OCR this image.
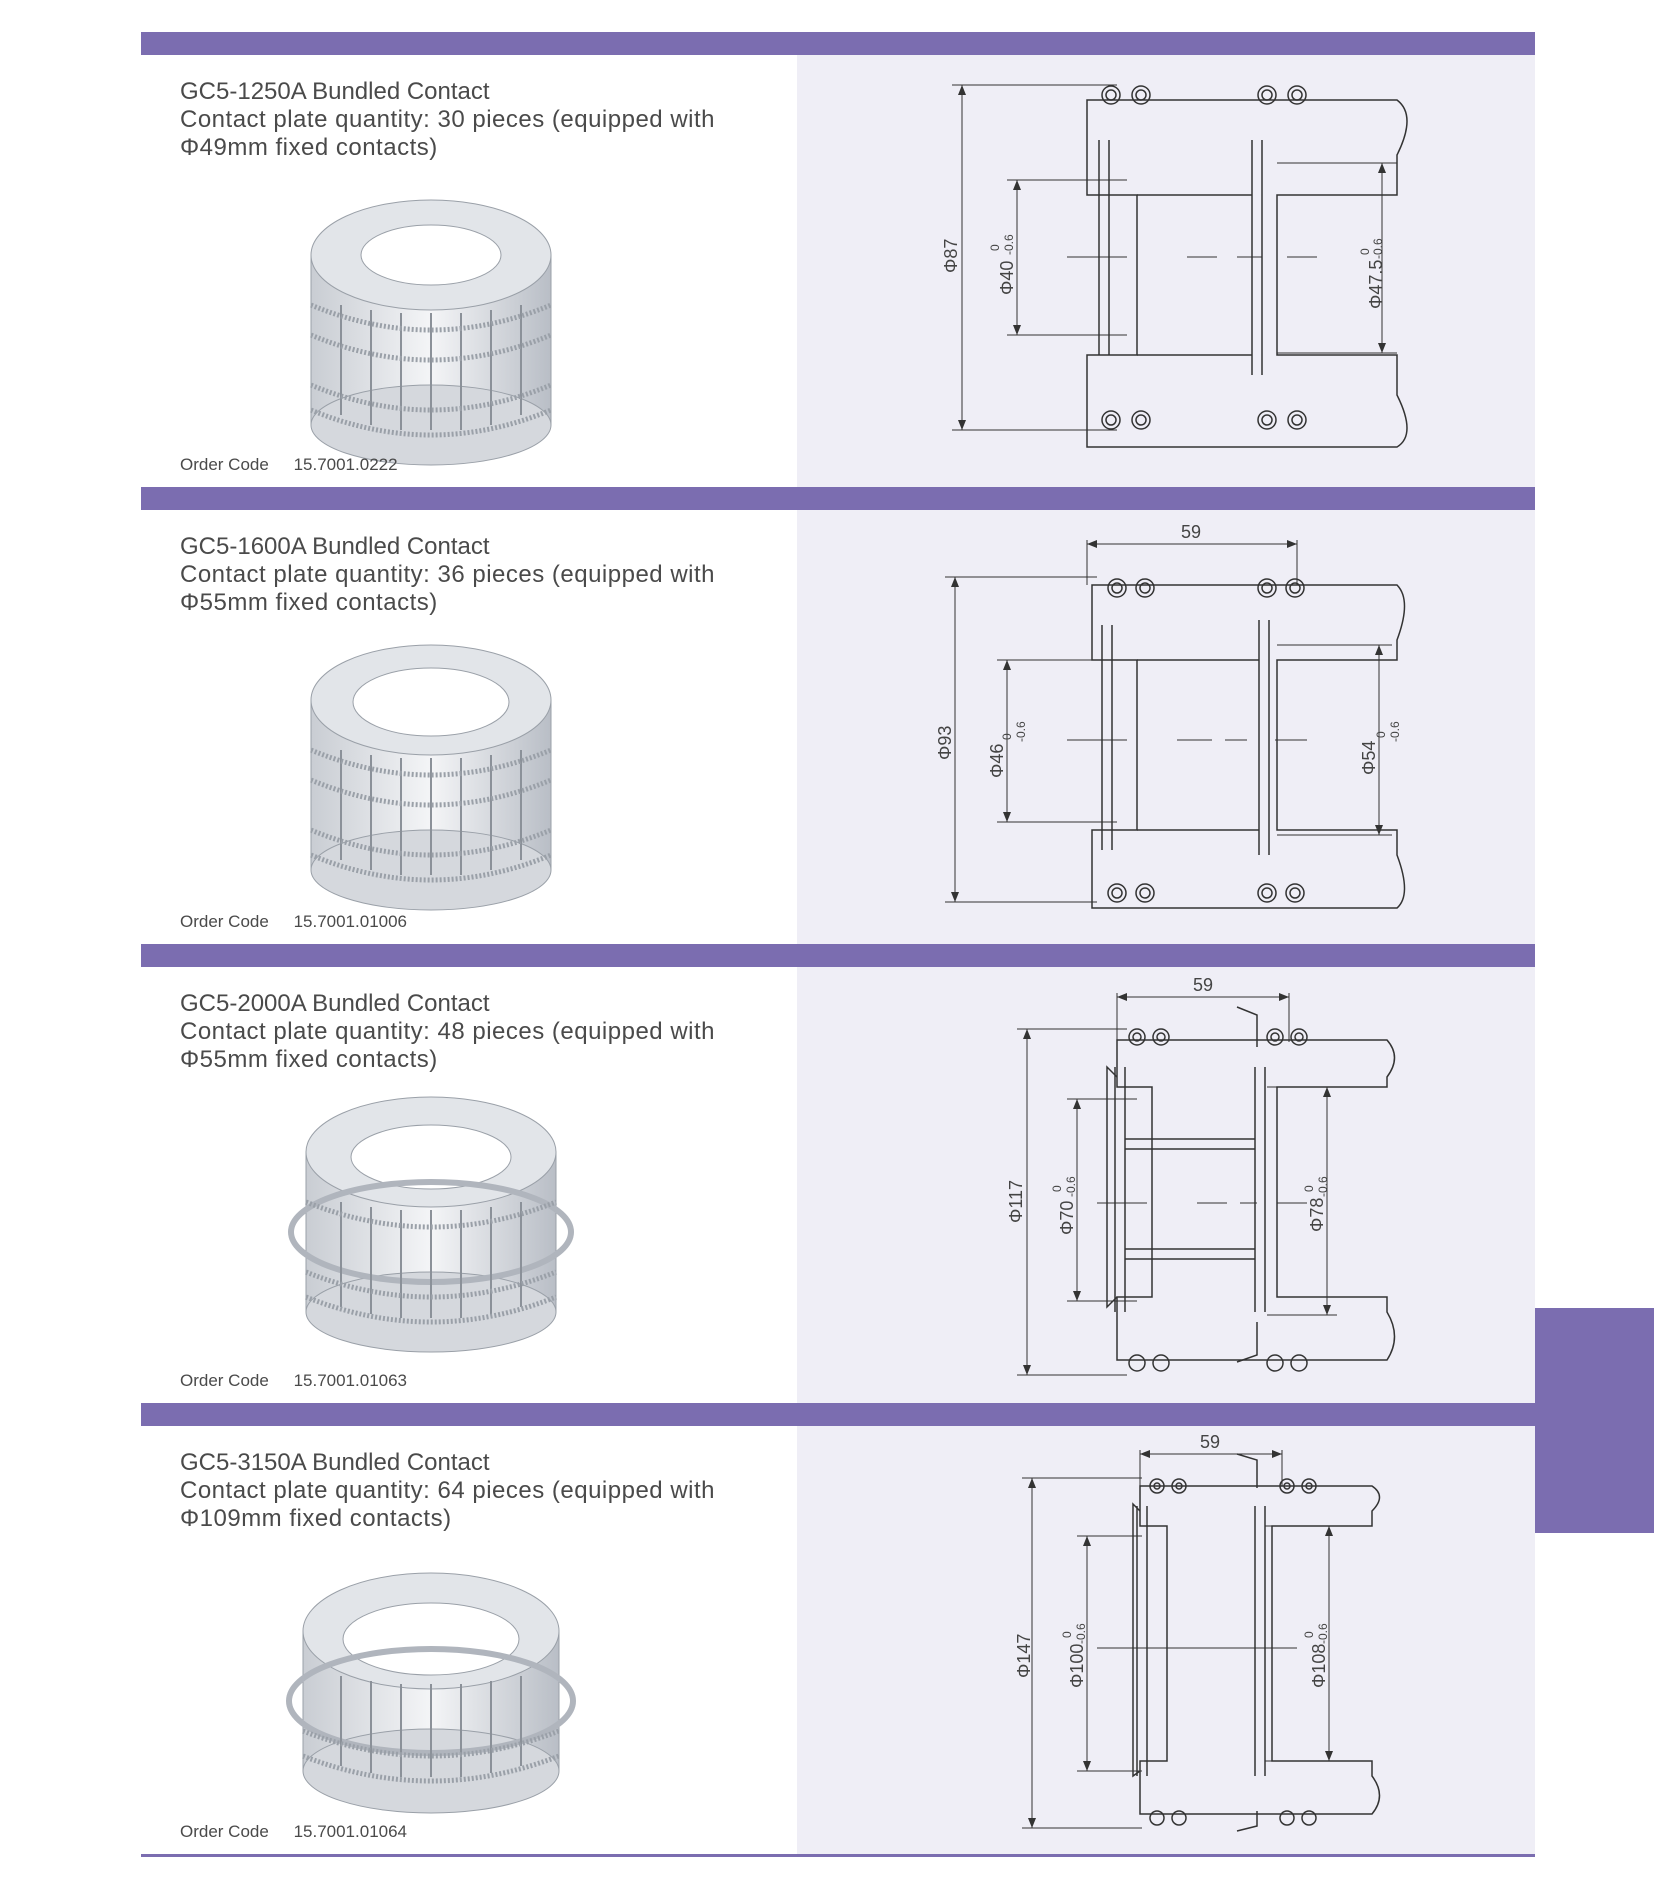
GC5-1250A Bundled Contact
Contact plate quantity: 30 pieces (equipped with Φ49mm fixed contacts)
Order Code 15.7001.0222
Φ87
Φ40
0 -0.6
Φ47.5
0 -0.6
GC5-1600A Bundled Contact
Contact plate quantity: 36 pieces (equipped with Φ55mm fixed contacts)
Order Code 15.7001.01006
59
Φ93
Φ46
0 -0.6
Φ54
0 -0.6
GC5-2000A Bundled Contact
Contact plate quantity: 48 pieces (equipped with Φ55mm fixed contacts)
Order Code 15.7001.01063
59
Φ117 Φ70
0 -0.6
Φ78
0 -0.6
GC5-3150A Bundled Contact
Contact plate quantity: 64 pieces (equipped with Φ109mm fixed contacts)
Order Code 15.7001.01064
59
Φ147 Φ100
0 -0.6
Φ108
0 -0.6
